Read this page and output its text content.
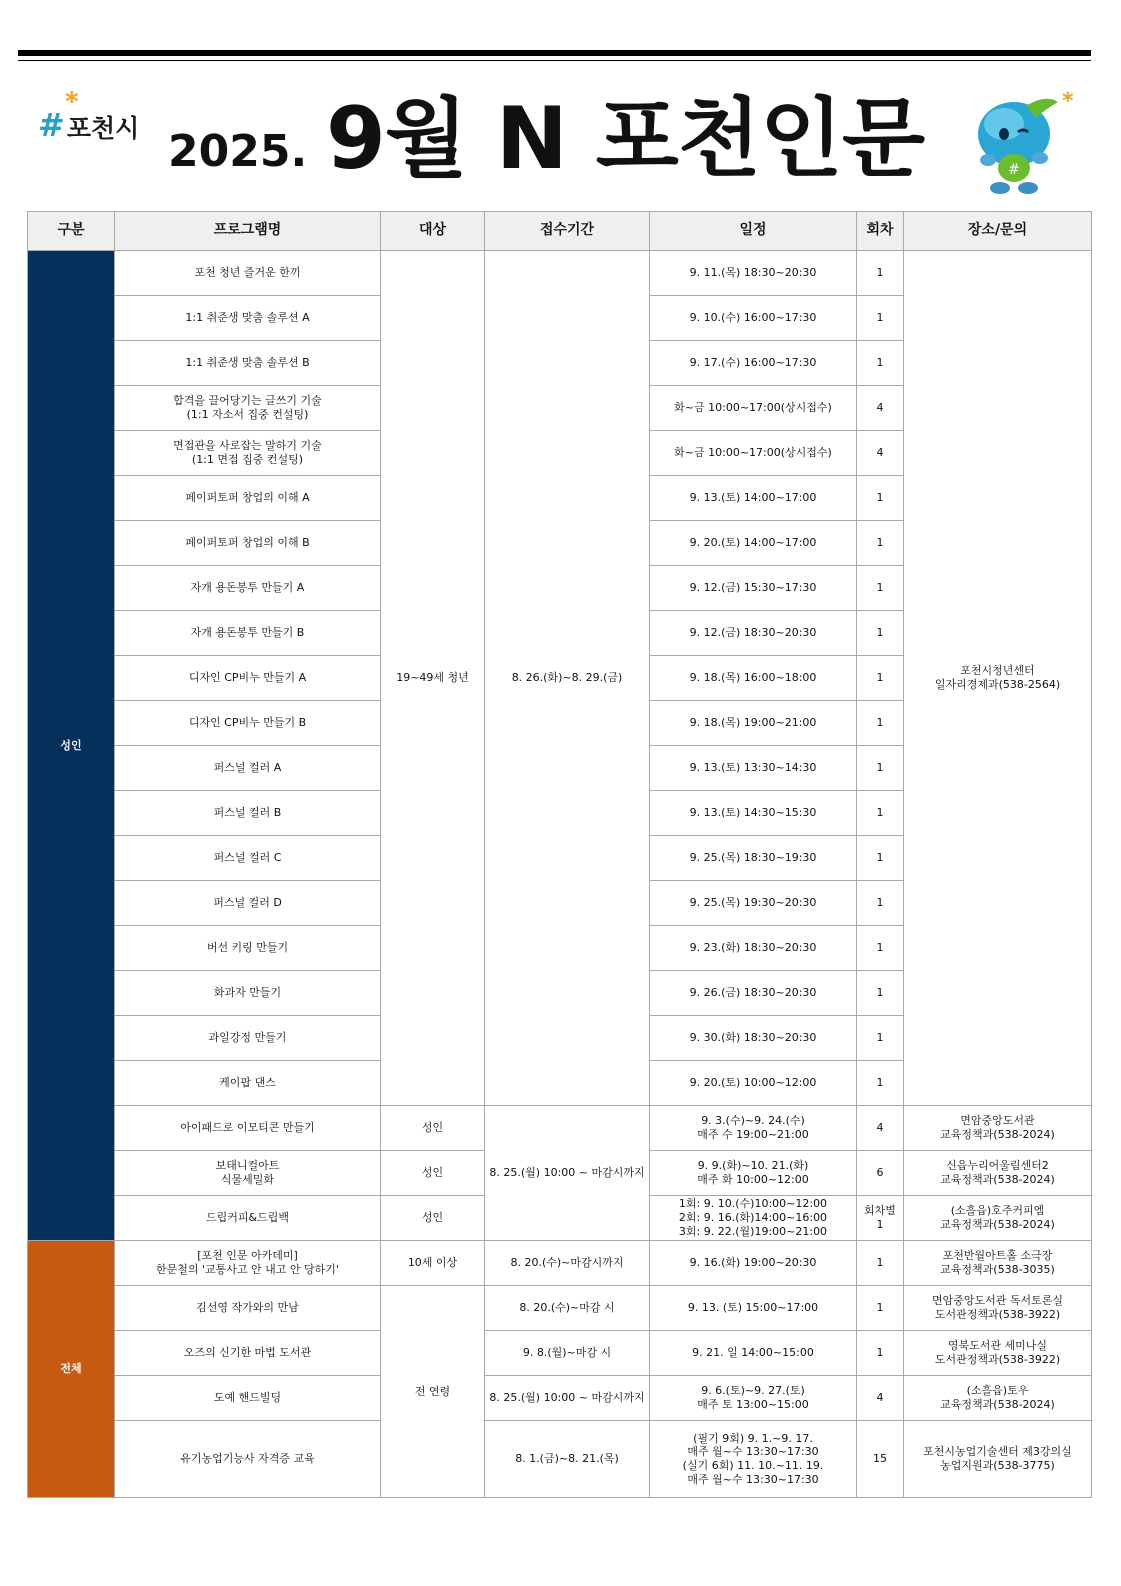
#
*
포천시 2025. 9월 N 포천인문	#
*
구분	프로그램명	대상	접수기간	일정	회차	장소/문의
성인	포천 청년 즐거운 한끼	19~49세 청년	8. 26.(화)~8. 29.(금)	9. 11.(목) 18:30~20:30	1	포천시청년센터
일자리경제과(538-2564)
	1:1 취준생 맞춤 솔루션 A			9. 10.(수) 16:00~17:30	1	
	1:1 취준생 맞춤 솔루션 B			9. 17.(수) 16:00~17:30	1	
	합격을 끌어당기는 글쓰기 기술
(1:1 자소서 집중 컨설팅)			화~금 10:00~17:00(상시접수)	4	
	면접관을 사로잡는 말하기 기술
(1:1 면접 집중 컨설팅)			화~금 10:00~17:00(상시접수)	4	
	페이퍼토퍼 창업의 이해 A			9. 13.(토) 14:00~17:00	1	
	페이퍼토퍼 창업의 이해 B			9. 20.(토) 14:00~17:00	1	
	자개 용돈봉투 만들기 A			9. 12.(금) 15:30~17:30	1	
	자개 용돈봉투 만들기 B			9. 12.(금) 18:30~20:30	1	
	디자인 CP비누 만들기 A			9. 18.(목) 16:00~18:00	1	
	디자인 CP비누 만들기 B			9. 18.(목) 19:00~21:00	1	
	퍼스널 컬러 A			9. 13.(토) 13:30~14:30	1	
	퍼스널 컬러 B			9. 13.(토) 14:30~15:30	1	
	퍼스널 컬러 C			9. 25.(목) 18:30~19:30	1	
	퍼스널 컬러 D			9. 25.(목) 19:30~20:30	1	
	버선 키링 만들기			9. 23.(화) 18:30~20:30	1	
	화과자 만들기			9. 26.(금) 18:30~20:30	1	
	과일강정 만들기			9. 30.(화) 18:30~20:30	1	
	케이팝 댄스			9. 20.(토) 10:00~12:00	1	
	아이패드로 이모티콘 만들기	성인	8. 25.(월) 10:00 ~ 마감시까지	9. 3.(수)~9. 24.(수)
매주 수 19:00~21:00	4	면암중앙도서관
교육정책과(538-2024)
	보태니컬아트
식물세밀화	성인		9. 9.(화)~10. 21.(화)
매주 화 10:00~12:00	6	신읍누리어울림센터2
교육정책과(538-2024)
	드립커피&드립백	성인		1회: 9. 10.(수)10:00~12:00
2회: 9. 16.(화)14:00~16:00
3회: 9. 22.(월)19:00~21:00	회차별 1	(소흘읍)호주커피엠
교육정책과(538-2024)
전체	[포천 인문 아카데미]
한문철의 '교통사고 안 내고 안 당하기'	10세 이상	8. 20.(수)~마감시까지	9. 16.(화) 19:00~20:30	1	포천반월아트홀 소극장
교육정책과(538-3035)
	김선영 작가와의 만남	전 연령	8. 20.(수)~마감 시	9. 13. (토) 15:00~17:00	1	면암중앙도서관 독서토론실
도서관정책과(538-3922)
	오즈의 신기한 마법 도서관		9. 8.(월)~마감 시	9. 21. 일 14:00~15:00	1	영북도서관 세미나실
도서관정책과(538-3922)
	도예 핸드빌딩		8. 25.(월) 10:00 ~ 마감시까지	9. 6.(토)~9. 27.(토)
매주 토 13:00~15:00	4	(소흘읍)토우
교육정책과(538-2024)
	유기농업기능사 자격증 교육		8. 1.(금)~8. 21.(목)	(필기 9회) 9. 1.~9. 17.
매주 월~수 13:30~17:30
(실기 6회) 11. 10.~11. 19.
매주 월~수 13:30~17:30	15	포천시농업기술센터 제3강의실
농업지원과(538-3775)
